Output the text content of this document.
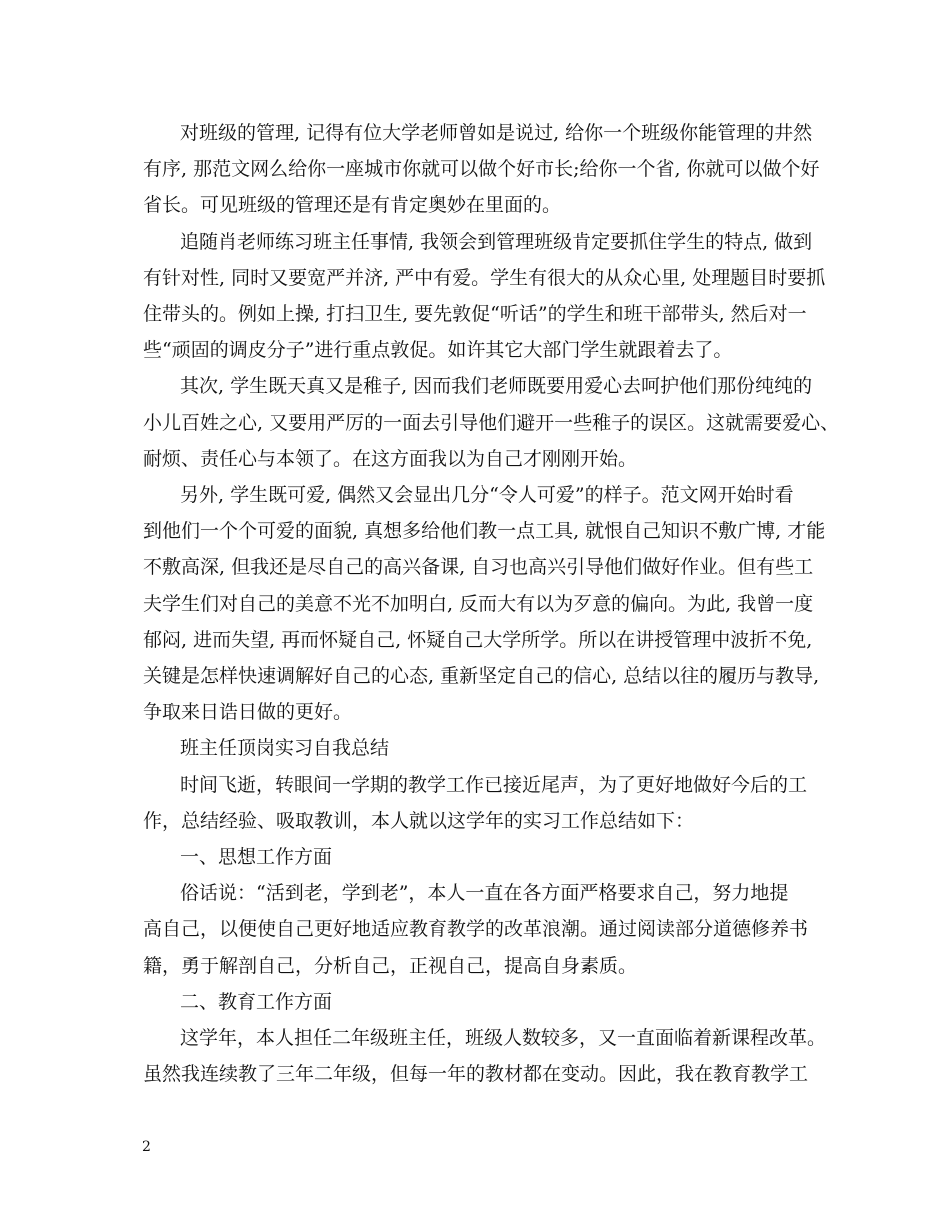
对班级的管理, 记得有位大学老师曾如是说过, 给你一个班级你能管理的井然

有序, 那范文网么给你一座城市你就可以做个好市长;给你一个省, 你就可以做个好

省长。可见班级的管理还是有肯定奥妙在里面的。

追随肖老师练习班主任事情, 我领会到管理班级肯定要抓住学生的特点, 做到

有针对性, 同时又要宽严并济, 严中有爱。学生有很大的从众心里, 处理题目时要抓

住带头的。例如上操, 打扫卫生, 要先敦促“听话”的学生和班干部带头, 然后对一

些“顽固的调皮分子”进行重点敦促。如许其它大部门学生就跟着去了。

其次, 学生既天真又是稚子, 因而我们老师既要用爱心去呵护他们那份纯纯的

小儿百姓之心, 又要用严厉的一面去引导他们避开一些稚子的误区。这就需要爱心、

耐烦、责任心与本领了。在这方面我以为自己才刚刚开始。

另外, 学生既可爱, 偶然又会显出几分“令人可爱”的样子。范文网开始时看

到他们一个个可爱的面貌, 真想多给他们教一点工具, 就恨自己知识不敷广博, 才能

不敷高深, 但我还是尽自己的高兴备课, 自习也高兴引导他们做好作业。但有些工

夫学生们对自己的美意不光不加明白, 反而大有以为歹意的偏向。为此, 我曾一度

郁闷, 进而失望, 再而怀疑自己, 怀疑自己大学所学。所以在讲授管理中波折不免,

关键是怎样快速调解好自己的心态, 重新坚定自己的信心, 总结以往的履历与教导,

争取来日诰日做的更好。

班主任顶岗实习自我总结

时间飞逝，转眼间一学期的教学工作已接近尾声，为了更好地做好今后的工

作，总结经验、吸取教训，本人就以这学年的实习工作总结如下：

一、思想工作方面

俗话说：“活到老，学到老”，本人一直在各方面严格要求自己，努力地提

高自己，以便使自己更好地适应教育教学的改革浪潮。通过阅读部分道德修养书

籍，勇于解剖自己，分析自己，正视自己，提高自身素质。

二、教育工作方面

这学年，本人担任二年级班主任，班级人数较多，又一直面临着新课程改革。

虽然我连续教了三年二年级，但每一年的教材都在变动。因此，我在教育教学工

2
